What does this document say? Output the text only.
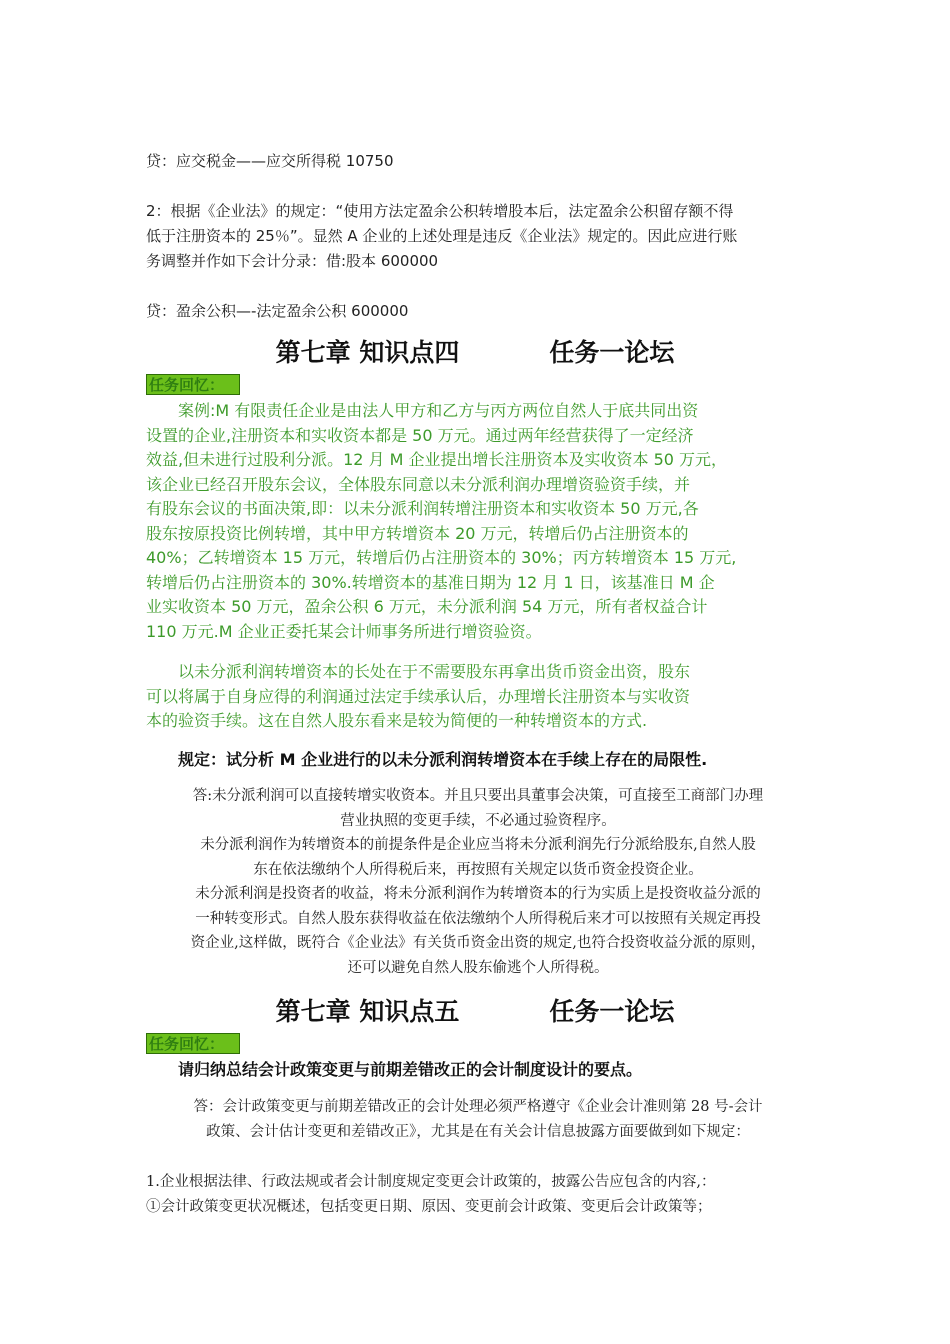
贷：应交税金——应交所得税 10750

2：根据《企业法》的规定：“使用方法定盈余公积转增股本后，法定盈余公积留存额不得
低于注册资本的 25％”。显然 A 企业的上述处理是违反《企业法》规定的。因此应进行账
务调整并作如下会计分录：借:股本 600000

贷：盈余公积—-法定盈余公积 600000

第七章 知识点四	任务一论坛
任务回忆：
案例:M 有限责任企业是由法人甲方和乙方与丙方两位自然人于底共同出资
设置的企业,注册资本和实收资本都是 50 万元。通过两年经营获得了一定经济
效益,但未进行过股利分派。12 月 M 企业提出增长注册资本及实收资本 50 万元，
该企业已经召开股东会议，全体股东同意以未分派利润办理增资验资手续，并
有股东会议的书面决策,即：以未分派利润转增注册资本和实收资本 50 万元,各
股东按原投资比例转增，其中甲方转增资本 20 万元，转增后仍占注册资本的
40%；乙转增资本 15 万元，转增后仍占注册资本的 30%；丙方转增资本 15 万元,
转增后仍占注册资本的 30%.转增资本的基准日期为 12 月 1 日，该基准日 M 企
业实收资本 50 万元，盈余公积 6 万元，未分派利润 54 万元，所有者权益合计
110 万元.M 企业正委托某会计师事务所进行增资验资。
以未分派利润转增资本的长处在于不需要股东再拿出货币资金出资，股东
可以将属于自身应得的利润通过法定手续承认后，办理增长注册资本与实收资
本的验资手续。这在自然人股东看来是较为简便的一种转增资本的方式.
规定：试分析 M 企业进行的以未分派利润转增资本在手续上存在的局限性.
答:未分派利润可以直接转增实收资本。并且只要出具董事会决策，可直接至工商部门办理
营业执照的变更手续，不必通过验资程序。
未分派利润作为转增资本的前提条件是企业应当将未分派利润先行分派给股东,自然人股
东在依法缴纳个人所得税后来，再按照有关规定以货币资金投资企业。
未分派利润是投资者的收益，将未分派利润作为转增资本的行为实质上是投资收益分派的
一种转变形式。自然人股东获得收益在依法缴纳个人所得税后来才可以按照有关规定再投
资企业,这样做，既符合《企业法》有关货币资金出资的规定,也符合投资收益分派的原则，
还可以避免自然人股东偷逃个人所得税。
第七章 知识点五	任务一论坛
任务回忆：
请归纳总结会计政策变更与前期差错改正的会计制度设计的要点。
答：会计政策变更与前期差错改正的会计处理必须严格遵守《企业会计准则第 28 号-会计
政策、会计估计变更和差错改正》，尤其是在有关会计信息披露方面要做到如下规定：
1.企业根据法律、行政法规或者会计制度规定变更会计政策的，披露公告应包含的内容,：
①会计政策变更状况概述，包括变更日期、原因、变更前会计政策、变更后会计政策等；
